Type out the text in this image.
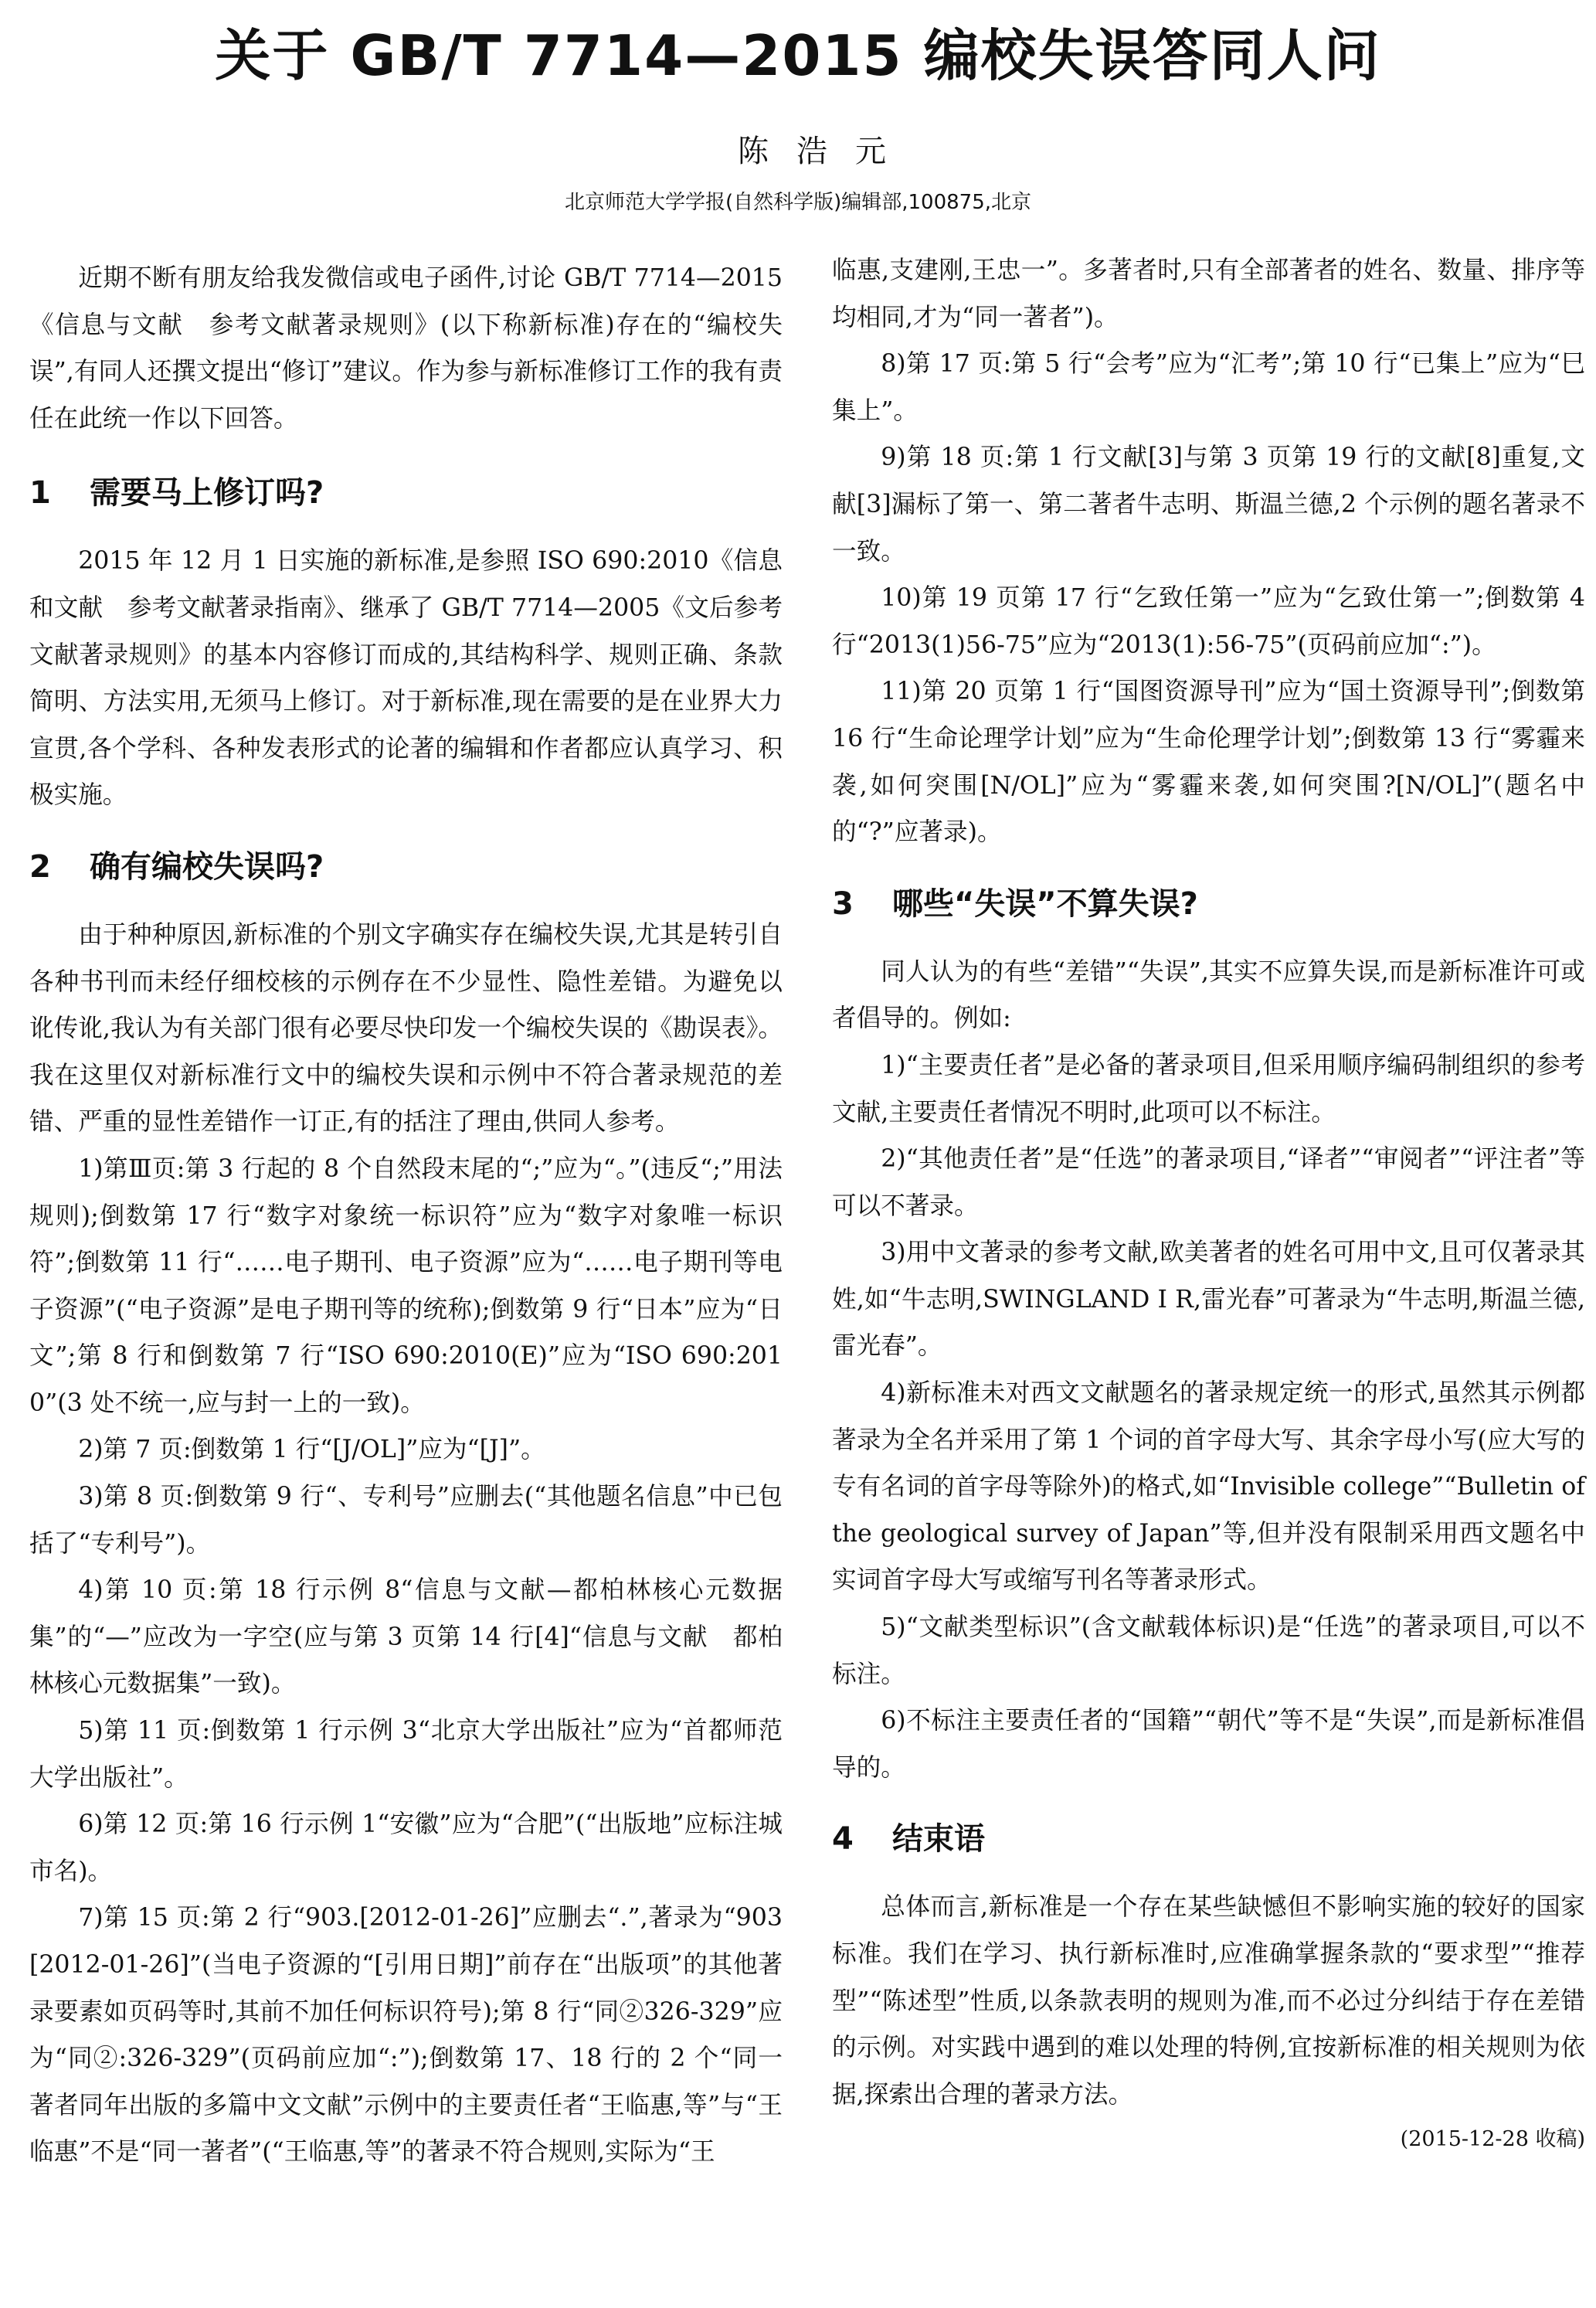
关于 GB/T 7714—2015 编校失误答同人问
陈浩元
北京师范大学学报(自然科学版)编辑部,100875,北京

近期不断有朋友给我发微信或电子函件,讨论 GB/T 7714—2015《信息与文献　参考文献著录规则》(以下称新标准)存在的“编校失误”,有同人还撰文提出“修订”建议。作为参与新标准修订工作的我有责任在此统一作以下回答。

1 需要马上修订吗?

2015 年 12 月 1 日实施的新标准,是参照 ISO 690:2010《信息和文献　参考文献著录指南》、继承了 GB/T 7714—2005《文后参考文献著录规则》的基本内容修订而成的,其结构科学、规则正确、条款简明、方法实用,无须马上修订。对于新标准,现在需要的是在业界大力宣贯,各个学科、各种发表形式的论著的编辑和作者都应认真学习、积极实施。

2 确有编校失误吗?

由于种种原因,新标准的个别文字确实存在编校失误,尤其是转引自各种书刊而未经仔细校核的示例存在不少显性、隐性差错。为避免以讹传讹,我认为有关部门很有必要尽快印发一个编校失误的《勘误表》。我在这里仅对新标准行文中的编校失误和示例中不符合著录规范的差错、严重的显性差错作一订正,有的括注了理由,供同人参考。

1)第Ⅲ页:第 3 行起的 8 个自然段末尾的“;”应为“。”(违反“;”用法规则);倒数第 17 行“数字对象统一标识符”应为“数字对象唯一标识符”;倒数第 11 行“……电子期刊、电子资源”应为“……电子期刊等电子资源”(“电子资源”是电子期刊等的统称);倒数第 9 行“日本”应为“日文”;第 8 行和倒数第 7 行“ISO 690:2010(E)”应为“ISO 690:2010”(3 处不统一,应与封一上的一致)。

2)第 7 页:倒数第 1 行“[J/OL]”应为“[J]”。

3)第 8 页:倒数第 9 行“、专利号”应删去(“其他题名信息”中已包括了“专利号”)。

4)第 10 页:第 18 行示例 8“信息与文献—都柏林核心元数据集”的“—”应改为一字空(应与第 3 页第 14 行[4]“信息与文献　都柏林核心元数据集”一致)。

5)第 11 页:倒数第 1 行示例 3“北京大学出版社”应为“首都师范大学出版社”。

6)第 12 页:第 16 行示例 1“安徽”应为“合肥”(“出版地”应标注城市名)。

7)第 15 页:第 2 行“903.[2012-01-26]”应删去“.”,著录为“903[2012-01-26]”(当电子资源的“[引用日期]”前存在“出版项”的其他著录要素如页码等时,其前不加任何标识符号);第 8 行“同②326-329”应为“同②:326-329”(页码前应加“:”);倒数第 17、18 行的 2 个“同一著者同年出版的多篇中文文献”示例中的主要责任者“王临惠,等”与“王临惠”不是“同一著者”(“王临惠,等”的著录不符合规则,实际为“王

临惠,支建刚,王忠一”。多著者时,只有全部著者的姓名、数量、排序等均相同,才为“同一著者”)。

8)第 17 页:第 5 行“会考”应为“汇考”;第 10 行“已集上”应为“巳集上”。

9)第 18 页:第 1 行文献[3]与第 3 页第 19 行的文献[8]重复,文献[3]漏标了第一、第二著者牛志明、斯温兰德,2 个示例的题名著录不一致。

10)第 19 页第 17 行“乞致任第一”应为“乞致仕第一”;倒数第 4 行“2013(1)56-75”应为“2013(1):56-75”(页码前应加“:”)。

11)第 20 页第 1 行“国图资源导刊”应为“国土资源导刊”;倒数第 16 行“生命论理学计划”应为“生命伦理学计划”;倒数第 13 行“雾霾来袭,如何突围[N/OL]”应为“雾霾来袭,如何突围?[N/OL]”(题名中的“?”应著录)。

3 哪些“失误”不算失误?

同人认为的有些“差错”“失误”,其实不应算失误,而是新标准许可或者倡导的。例如:

1)“主要责任者”是必备的著录项目,但采用顺序编码制组织的参考文献,主要责任者情况不明时,此项可以不标注。

2)“其他责任者”是“任选”的著录项目,“译者”“审阅者”“评注者”等可以不著录。

3)用中文著录的参考文献,欧美著者的姓名可用中文,且可仅著录其姓,如“牛志明,SWINGLAND I R,雷光春”可著录为“牛志明,斯温兰德,雷光春”。

4)新标准未对西文文献题名的著录规定统一的形式,虽然其示例都著录为全名并采用了第 1 个词的首字母大写、其余字母小写(应大写的专有名词的首字母等除外)的格式,如“Invisible college”“Bulletin of the geological survey of Japan”等,但并没有限制采用西文题名中实词首字母大写或缩写刊名等著录形式。

5)“文献类型标识”(含文献载体标识)是“任选”的著录项目,可以不标注。

6)不标注主要责任者的“国籍”“朝代”等不是“失误”,而是新标准倡导的。

4 结束语

总体而言,新标准是一个存在某些缺憾但不影响实施的较好的国家标准。我们在学习、执行新标准时,应准确掌握条款的“要求型”“推荐型”“陈述型”性质,以条款表明的规则为准,而不必过分纠结于存在差错的示例。对实践中遇到的难以处理的特例,宜按新标准的相关规则为依据,探索出合理的著录方法。

(2015-12-28 收稿)
